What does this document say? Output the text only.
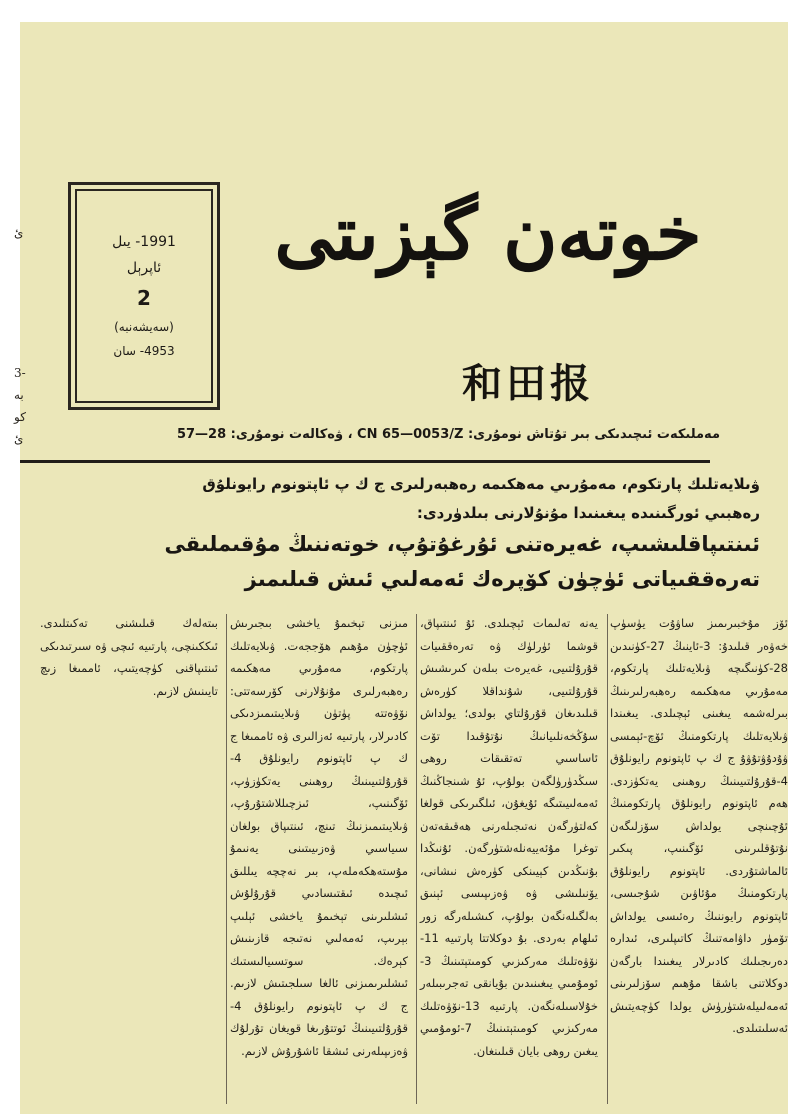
1991- يىل
ئاپرېل
2
(سەيشەنبە)
4953- سان
خوتەن گېزىتى
和田报
ئ
3-
بە
كو
ئ	مەملىكەت ئىچىدىكى بىر تۇتاش نومۇرى: CN 65—0053/Z ، ۋەكالەت نومۇرى: 28—57
ۋىلايەتلىك پارتكوم، مەمۇرىي مەھكىمە رەھبەرلىرى ج ك پ ئاپتونوم رايونلۇق
رەھبىي ئورگىنىدە يىغىنىدا مۇنۇلارنى بىلدۈردى:
ئىنتىپاقلىشىپ، غەيرەتنى ئۇرغۇتۇپ، خوتەننىڭ مۇقىملىقى
تەرەققىياتى ئۈچۈن كۆپرەك ئەمەلىي ئىش قىلىمىز

ئۆز مۇخبىرىمىز ساۋۇت يۈسۈپ خەۋەر قىلىدۇ: 3-ئاينىڭ 27-كۈنىدىن 28-كۈنىگىچە ۋىلايەتلىك پارتكوم، مەمۇرىي مەھكىمە رەھبەرلىرىنىڭ بىرلەشمە يىغىنى ئېچىلدى. يىغىندا ۋىلايەتلىك پارتكومنىڭ ئۆچ-ئېمسى ۋۇدۇۋتۇۋۇ ج ك پ ئاپتونوم رايونلۇق 4-قۇرۇلتىيىنىڭ روھىنى يەتكۈزدى. ھەم ئاپتونوم رايونلۇق پارتكومنىڭ ئۇچىنچى يولداش سۆزلىگەن نۇتۇقلىرىنى ئۆگىنىپ، پىكىر ئالماشتۇردى. ئاپتونوم رايونلۇق پارتكومنىڭ مۇئاۋىن شۇجىسى، ئاپتونوم رايوننىڭ رەئىسى يولداش تۆمۈر داۋامەتنىڭ كاتىپلىرى، ئىدارە دەرىجىلىك كادىرلار يىغىندا بارگەن دوكلاتنى باشقا مۇھىم سۆزلىرىنى ئەمەلىيلەشتۈرۈش يولدا كۈچەيتىش ئەسلىتىلدى.

يەنە تەلىمات ئېچىلدى. ئۇ ئىنتىپاق، قوشما ئۈرلۈك ۋە تەرەققىيات قۇرۇلتىيى، غەيرەت بىلەن كىرىشىش قۇرۇلتىيى، شۇنداقلا كۈرەش قىلىدىغان قۇرۇلتاي بولدى؛ يولداش سۇڭخەنلىيانىڭ نۇتۇقىدا تۆت ئاساسىي تەتقىقات روھى سىڭدۈرۈلگەن بولۇپ، ئۇ شىنجاڭنىڭ ئەمەلىيىتىگە ئۇيغۇن، ئىلگىرىكى قولغا كەلتۈرگەن نەتىجىلەرنى ھەقىقەتەن توغرا مۇئەييەنلەشتۈرگەن. ئۇنىڭدا بۇنىڭدىن كېيىنكى كۈرەش نىشانى، يۆنىلىشى ۋە ۋەزىپىسى ئېنىق بەلگىلەنگەن بولۇپ، كىشىلەرگە زور ئىلھام بەردى. بۇ دوكلاتتا پارتىيە 11-نۆۋەتلىك مەركىزىي كومىتېتىنىڭ 3-ئومۇمىي يىغىنىدىن بۇيانقى تەجرىبىلەر خۇلاسىلەنگەن. پارتىيە 13-نۆۋەتلىك مەركىزىي كومىتېتىنىڭ 7-ئومۇمىي يىغىن روھى بايان قىلىنغان.

مىزنى تېخىمۇ ياخشى بىجىرىش ئۈچۈن مۇھىم ھۆججەت. ۋىلايەتلىك پارتكوم، مەمۇرىي مەھكىمە رەھبەرلىرى مۇنۇلارنى كۆرسەتتى: نۆۋەتتە پۈتۈن ۋىلايىتىمىزدىكى كادىرلار، پارتىيە ئەزالىرى ۋە ئاممىغا ج ك پ ئاپتونوم رايونلۇق 4-قۇرۇلتىيىنىڭ روھىنى يەتكۈزۈپ، ئۆگىنىپ، ئىزچىللاشتۇرۇپ، ۋىلايىتىمىزنىڭ تىنچ، ئىنتىپاق بولغان سىياسىي ۋەزىيىتىنى يەنىمۇ مۇستەھكەملەپ، بىر نەچچە يىللىق ئىچىدە ئىقتىسادىي قۇرۇلۇش ئىشلىرىنى تېخىمۇ ياخشى ئېلىپ بېرىپ، ئەمەلىي نەتىجە قازىنىش كېرەك. سوتسىيالىستىك ئىشلىرىمىزنى ئالغا سىلجىتىش لازىم. ج ك پ ئاپتونوم رايونلۇق 4-قۇرۇلتىيىنىڭ ئوتتۇرىغا قويغان تۇرلۇك ۋەزىپىلەرنى ئىشقا ئاشۇرۇش لازىم.

بىتەلەك قىلىشنى تەكىتلىدى. ئىككىنچى، پارتىيە ئىچى ۋە سىرتىدىكى ئىنتىپاقنى كۈچەيتىپ، ئاممىغا زىچ تايىنىش لازىم.
